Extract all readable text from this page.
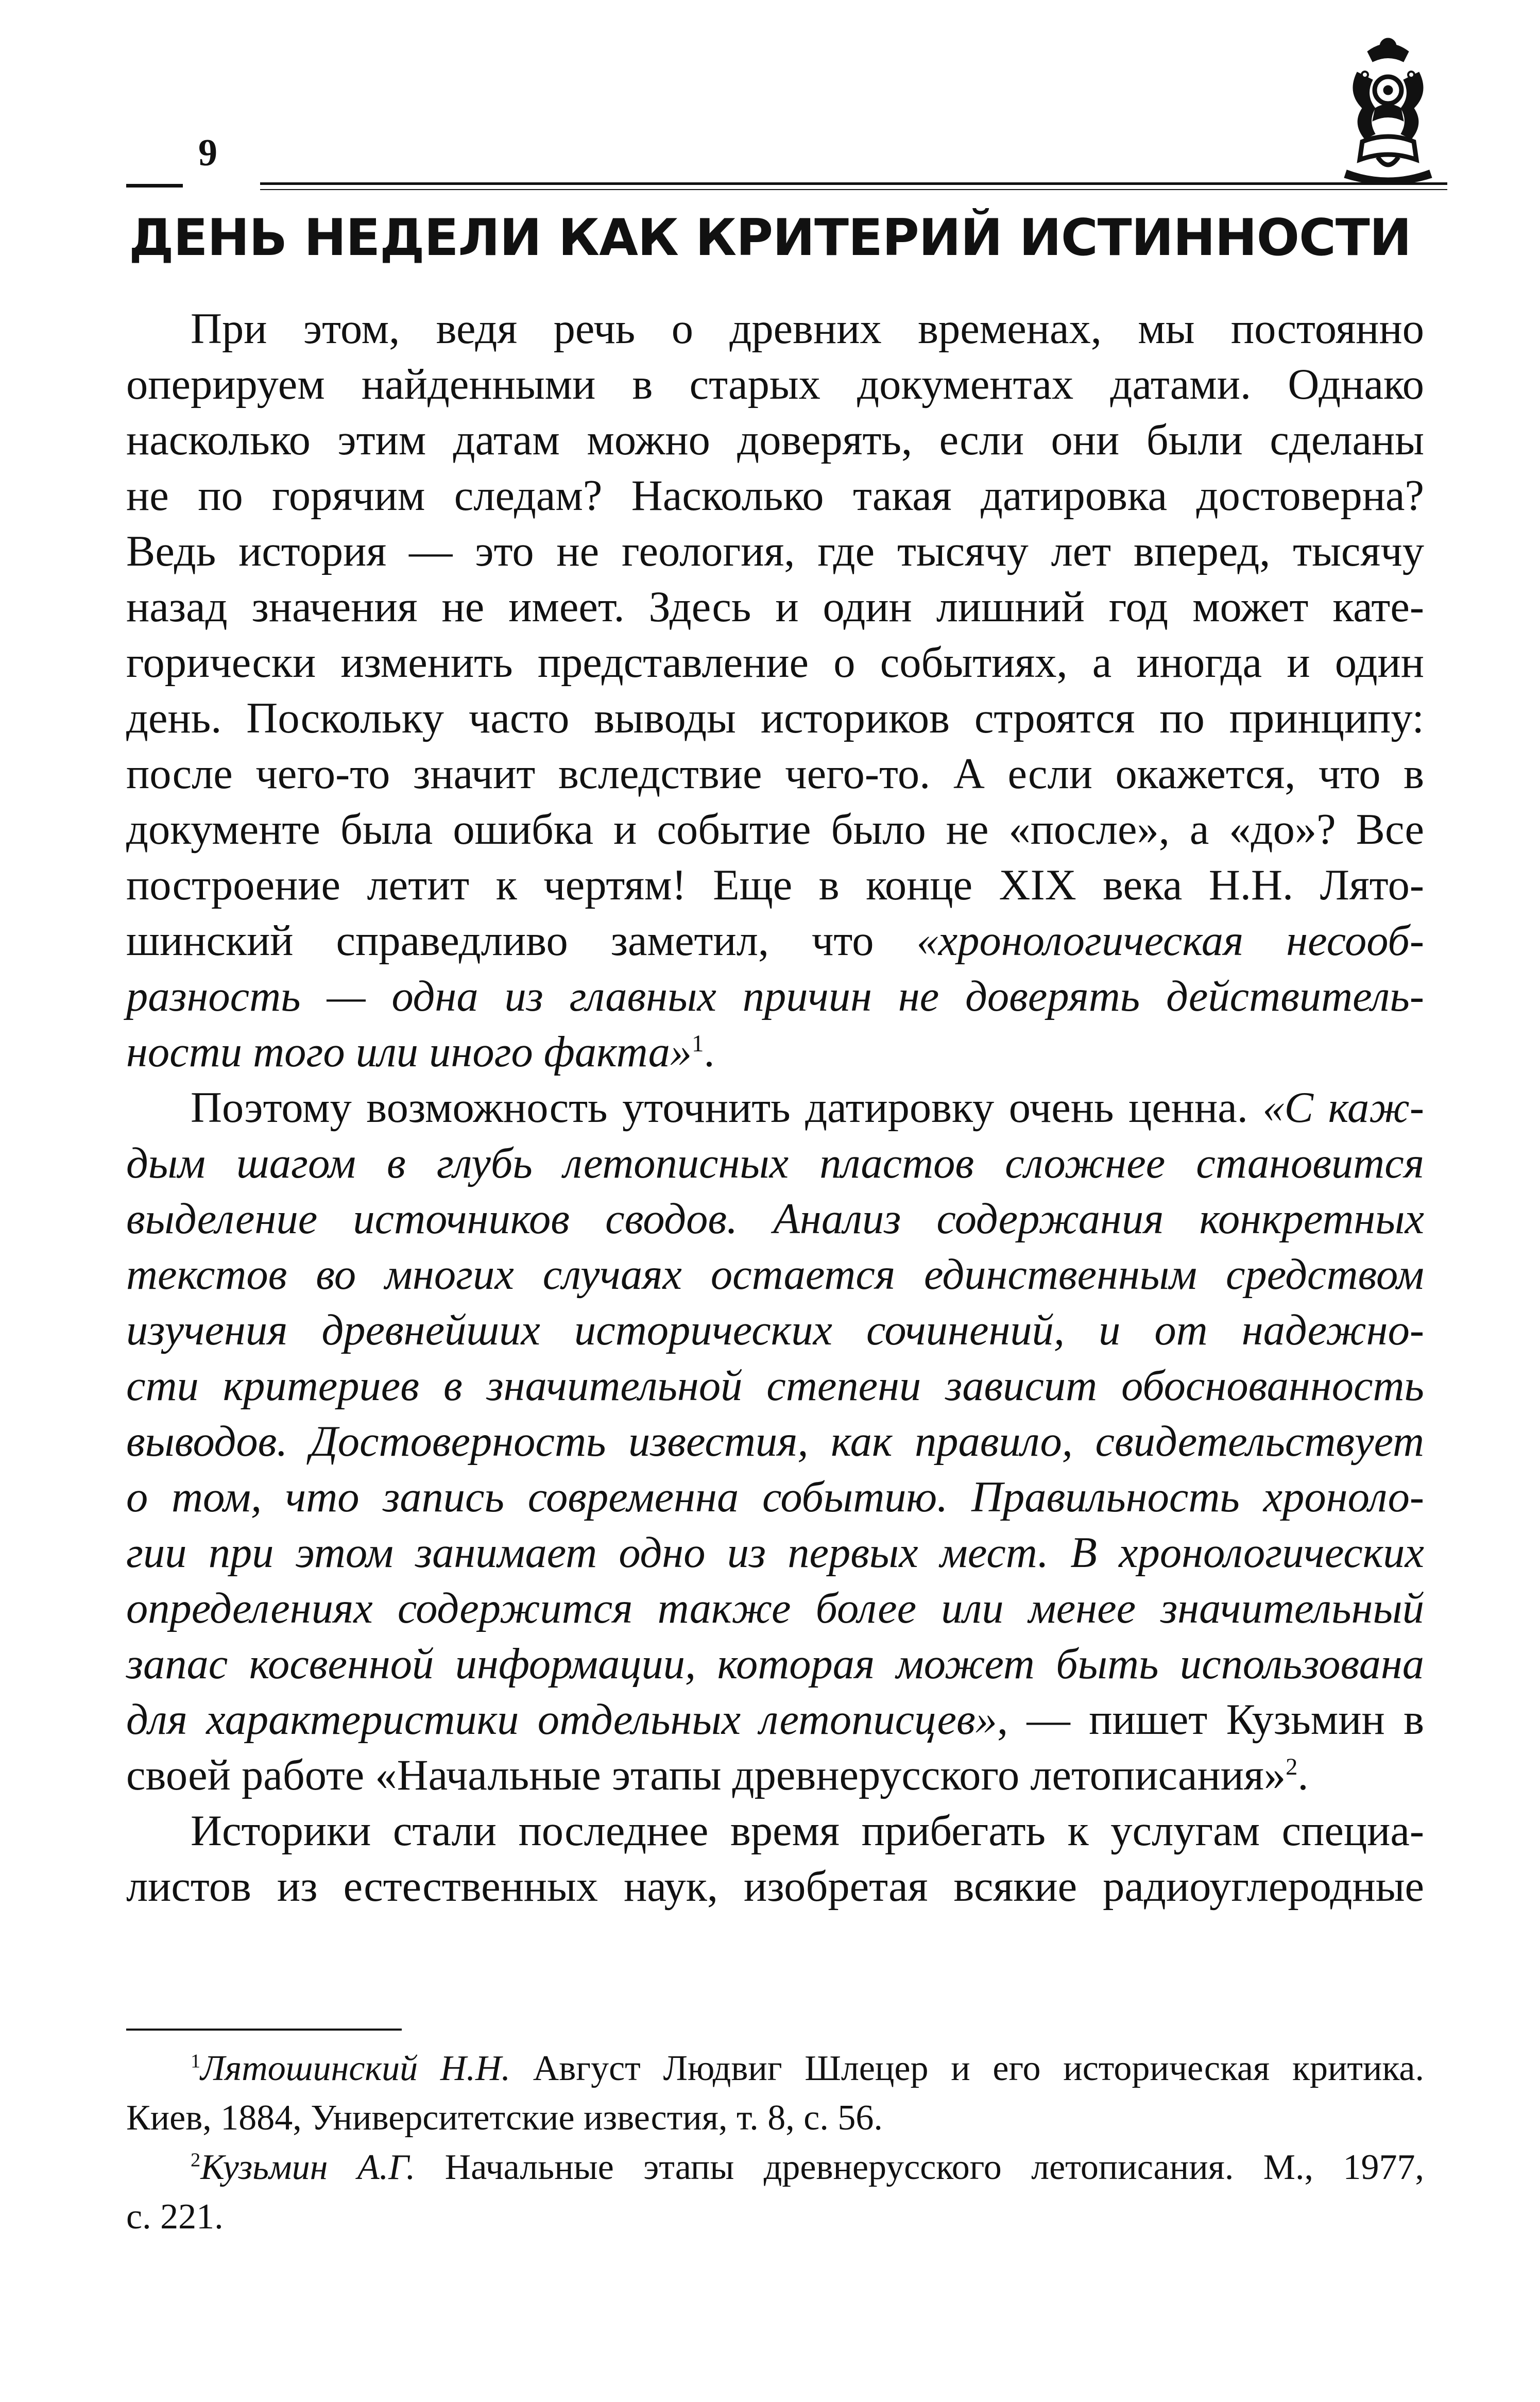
9
ДЕНЬ НЕДЕЛИ КАК КРИТЕРИЙ ИСТИННОСТИ
При этом, ведя речь о древних временах, мы постоянно
оперируем найденными в старых документах датами. Однако
насколько этим датам можно доверять, если они были сделаны
не по горячим следам? Насколько такая датировка достоверна?
Ведь история — это не геология, где тысячу лет вперед, тысячу
назад значения не имеет. Здесь и один лишний год может кате-
горически изменить представление о событиях, а иногда и один
день. Поскольку часто выводы историков строятся по принципу:
после чего-то значит вследствие чего-то. А если окажется, что в
документе была ошибка и событие было не «после», а «до»? Все
построение летит к чертям! Еще в конце XIX века Н.Н. Лято-
шинский справедливо заметил, что «хронологическая несооб-
разность — одна из главных причин не доверять действитель-
ности того или иного факта»$^1$.
Поэтому возможность уточнить датировку очень ценна. «С каж-
дым шагом в глубь летописных пластов сложнее становится
выделение источников сводов. Анализ содержания конкретных
текстов во многих случаях остается единственным средством
изучения древнейших исторических сочинений, и от надежно-
сти критериев в значительной степени зависит обоснованность
выводов. Достоверность известия, как правило, свидетельствует
о том, что запись современна событию. Правильность хроноло-
гии при этом занимает одно из первых мест. В хронологических
определениях содержится также более или менее значительный
запас косвенной информации, которая может быть использована
для характеристики отдельных летописцев», — пишет Кузьмин в
своей работе «Начальные этапы древнерусского летописания»$^2$.
Историки стали последнее время прибегать к услугам специа-
листов из естественных наук, изобретая всякие радиоуглеродные
$^1$Лятошинский Н.Н. Август Людвиг Шлецер и его историческая критика.
Киев, 1884, Университетские известия, т. 8, с. 56.
$^2$Кузьмин А.Г. Начальные этапы древнерусского летописания. М., 1977,
с. 221.
